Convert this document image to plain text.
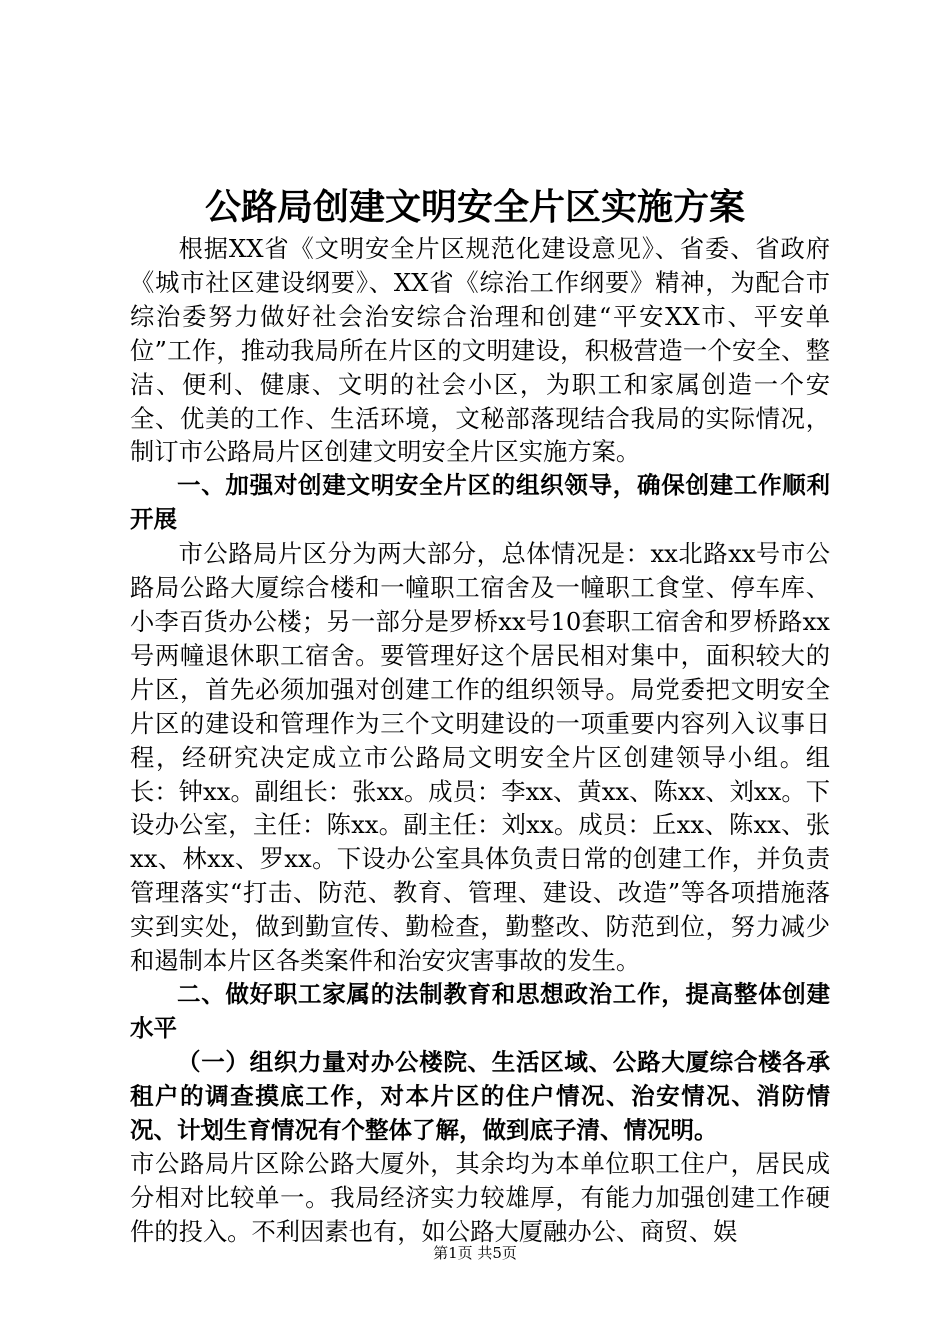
公路局创建文明安全片区实施方案

根据XX省《文明安全片区规范化建设意见》、省委、省政府《城市社区建设纲要》、XX省《综治工作纲要》精神，为配合市综治委努力做好社会治安综合治理和创建“平安XX市、平安单位”工作，推动我局所在片区的文明建设，积极营造一个安全、整洁、便利、健康、文明的社会小区，为职工和家属创造一个安全、优美的工作、生活环境，文秘部落现结合我局的实际情况，制订市公路局片区创建文明安全片区实施方案。

一、加强对创建文明安全片区的组织领导，确保创建工作顺利开展

市公路局片区分为两大部分，总体情况是：xx北路xx号市公路局公路大厦综合楼和一幢职工宿舍及一幢职工食堂、停车库、小李百货办公楼；另一部分是罗桥xx号10套职工宿舍和罗桥路xx号两幢退休职工宿舍。要管理好这个居民相对集中，面积较大的片区，首先必须加强对创建工作的组织领导。局党委把文明安全片区的建设和管理作为三个文明建设的一项重要内容列入议事日程，经研究决定成立市公路局文明安全片区创建领导小组。组长：钟xx。副组长：张xx。成员：李xx、黄xx、陈xx、刘xx。下设办公室，主任：陈xx。副主任：刘xx。成员：丘xx、陈xx、张xx、林xx、罗xx。下设办公室具体负责日常的创建工作，并负责管理落实“打击、防范、教育、管理、建设、改造”等各项措施落实到实处，做到勤宣传、勤检查，勤整改、防范到位，努力减少和遏制本片区各类案件和治安灾害事故的发生。

二、做好职工家属的法制教育和思想政治工作，提高整体创建水平

（一）组织力量对办公楼院、生活区域、公路大厦综合楼各承租户的调查摸底工作，对本片区的住户情况、治安情况、消防情况、计划生育情况有个整体了解，做到底子清、情况明。

市公路局片区除公路大厦外，其余均为本单位职工住户，居民成分相对比较单一。我局经济实力较雄厚，有能力加强创建工作硬件的投入。不利因素也有，如公路大厦融办公、商贸、娱

第1页 共5页
